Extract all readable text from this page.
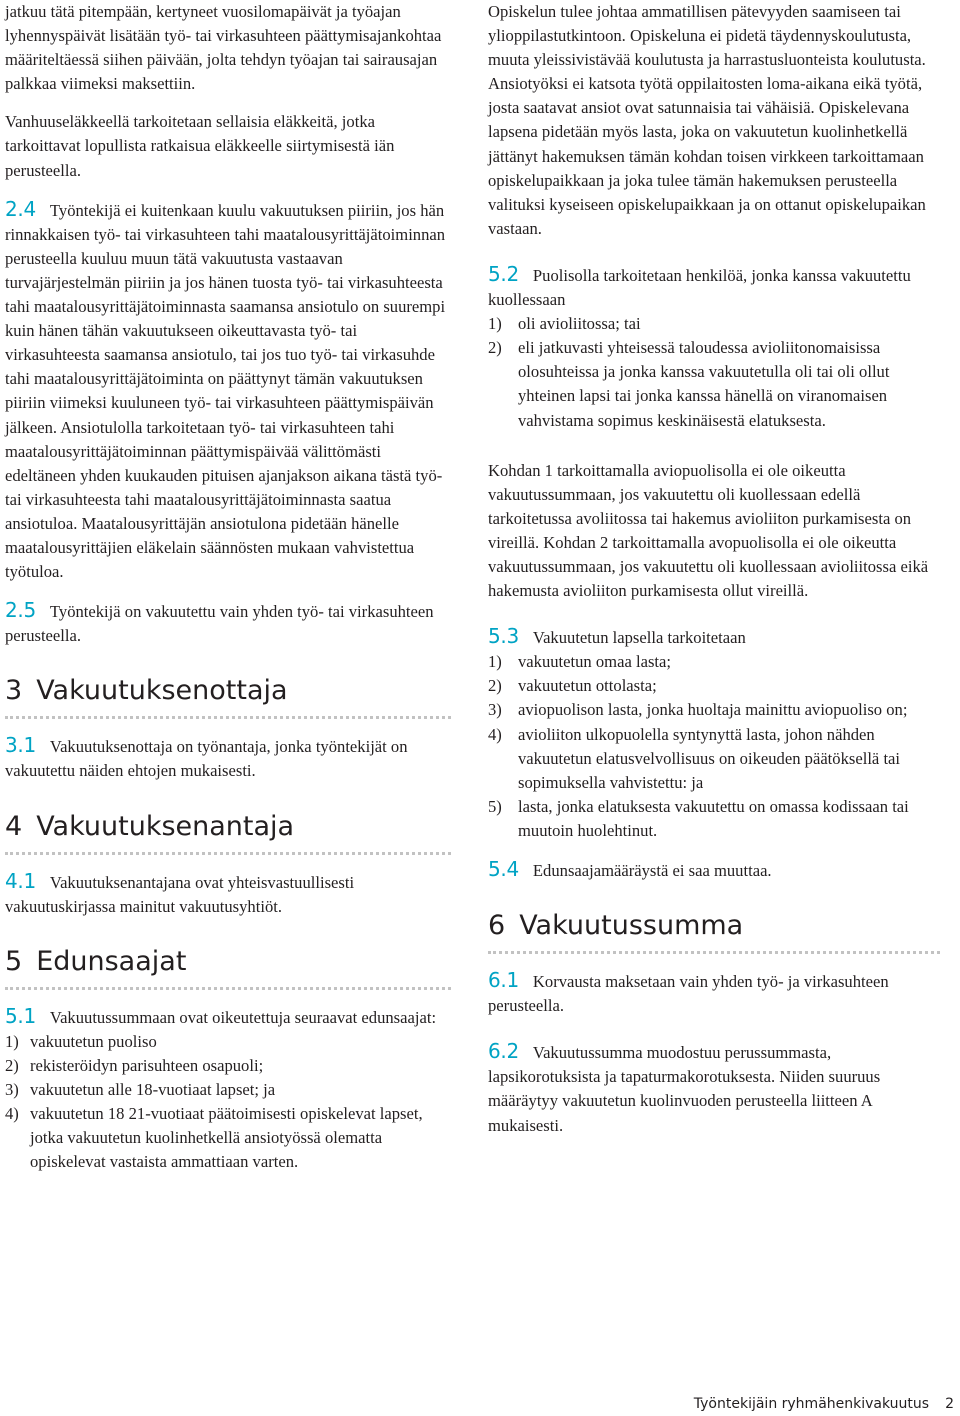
jatkuu tätä pitempään, kertyneet vuosilomapäivät ja työajan lyhennyspäivät lisätään työ- tai virkasuhteen päättymisajankohtaa määriteltäessä siihen päivään, jolta tehdyn työajan tai sairausajan palkkaa viimeksi maksettiin.

Vanhuuseläkkeellä tarkoitetaan sellaisia eläkkeitä, jotka tarkoittavat lopullista ratkaisua eläkkeelle siirtymisestä iän perusteella.

2.4 Työntekijä ei kuitenkaan kuulu vakuutuksen piiriin, jos hän rinnakkaisen työ- tai virkasuhteen tahi maatalousyrittäjätoiminnan perusteella kuuluu muun tätä vakuutusta vastaavan turvajärjestelmän piiriin ja jos hänen tuosta työ- tai virkasuhteesta tahi maatalousyrittäjätoiminnasta saamansa ansiotulo on suurempi kuin hänen tähän vakuutukseen oikeuttavasta työ- tai virkasuhteesta saamansa ansiotulo, tai jos tuo työ- tai virkasuhde tahi maatalousyrittäjätoiminta on päättynyt tämän vakuutuksen piiriin viimeksi kuuluneen työ- tai virkasuhteen päättymispäivän jälkeen. Ansiotulolla tarkoitetaan työ- tai virkasuhteen tahi maatalousyrittäjätoiminnan päättymispäivää välittömästi edeltäneen yhden kuukauden pituisen ajanjakson aikana tästä työ- tai virkasuhteesta tahi maatalousyrittäjätoiminnasta saatua ansiotuloa. Maatalousyrittäjän ansiotulona pidetään hänelle maatalousyrittäjien eläkelain säännösten mukaan vahvistettua työtuloa.

2.5 Työntekijä on vakuutettu vain yhden työ- tai virkasuhteen perusteella.

3 Vakuutuksenottaja

3.1 Vakuutuksenottaja on työnantaja, jonka työntekijät on vakuutettu näiden ehtojen mukaisesti.

4 Vakuutuksenantaja

4.1 Vakuutuksenantajana ovat yhteisvastuullisesti vakuutuskirjassa mainitut vakuutusyhtiöt.

5 Edunsaajat

5.1 Vakuutussummaan ovat oikeutettuja seuraavat edunsaajat:

1) vakuutetun puoliso
2) rekisteröidyn parisuhteen osapuoli;
3) vakuutetun alle 18-vuotiaat lapset; ja
4) vakuutetun 18 21-vuotiaat päätoimisesti opiskelevat lapset, jotka vakuutetun kuolinhetkellä ansiotyössä olematta opiskelevat vastaista ammattiaan varten.

Opiskelun tulee johtaa ammatillisen pätevyyden saamiseen tai ylioppilastutkintoon. Opiskeluna ei pidetä täydennyskoulutusta, muuta yleissivistävää koulutusta ja harrastusluonteista koulutusta. Ansiotyöksi ei katsota työtä oppilaitosten loma-aikana eikä työtä, josta saatavat ansiot ovat satunnaisia tai vähäisiä. Opiskelevana lapsena pidetään myös lasta, joka on vakuutetun kuolinhetkellä jättänyt hakemuksen tämän kohdan toisen virkkeen tarkoittamaan opiskelupaikkaan ja joka tulee tämän hakemuksen perusteella valituksi kyseiseen opiskelupaikkaan ja on ottanut opiskelupaikan vastaan.

5.2 Puolisolla tarkoitetaan henkilöä, jonka kanssa vakuutettu kuollessaan

1) oli avioliitossa; tai
2) eli jatkuvasti yhteisessä taloudessa avioliitonomaisissa olosuhteissa ja jonka kanssa vakuutetulla oli tai oli ollut yhteinen lapsi tai jonka kanssa hänellä on viranomaisen vahvistama sopimus keskinäisestä elatuksesta.

Kohdan 1 tarkoittamalla aviopuolisolla ei ole oikeutta vakuutussummaan, jos vakuutettu oli kuollessaan edellä tarkoitetussa avoliitossa tai hakemus avioliiton purkamisesta on vireillä. Kohdan 2 tarkoittamalla avopuolisolla ei ole oikeutta vakuutussummaan, jos vakuutettu oli kuollessaan avioliitossa eikä hakemusta avioliiton purkamisesta ollut vireillä.

5.3 Vakuutetun lapsella tarkoitetaan

1) vakuutetun omaa lasta;
2) vakuutetun ottolasta;
3) aviopuolison lasta, jonka huoltaja mainittu aviopuoliso on;
4) avioliiton ulkopuolella syntynyttä lasta, johon nähden vakuutetun elatusvelvollisuus on oikeuden päätöksellä tai sopimuksella vahvistettu: ja
5) lasta, jonka elatuksesta vakuutettu on omassa kodissaan tai muutoin huolehtinut.

5.4 Edunsaajamääräystä ei saa muuttaa.

6 Vakuutussumma

6.1 Korvausta maksetaan vain yhden työ- ja virkasuhteen perusteella.

6.2 Vakuutussumma muodostuu perussummasta, lapsikorotuksista ja tapaturmakorotuksesta. Niiden suuruus määräytyy vakuutetun kuolinvuoden perusteella liitteen A mukaisesti.

Työntekijäin ryhmähenkivakuutus 2
